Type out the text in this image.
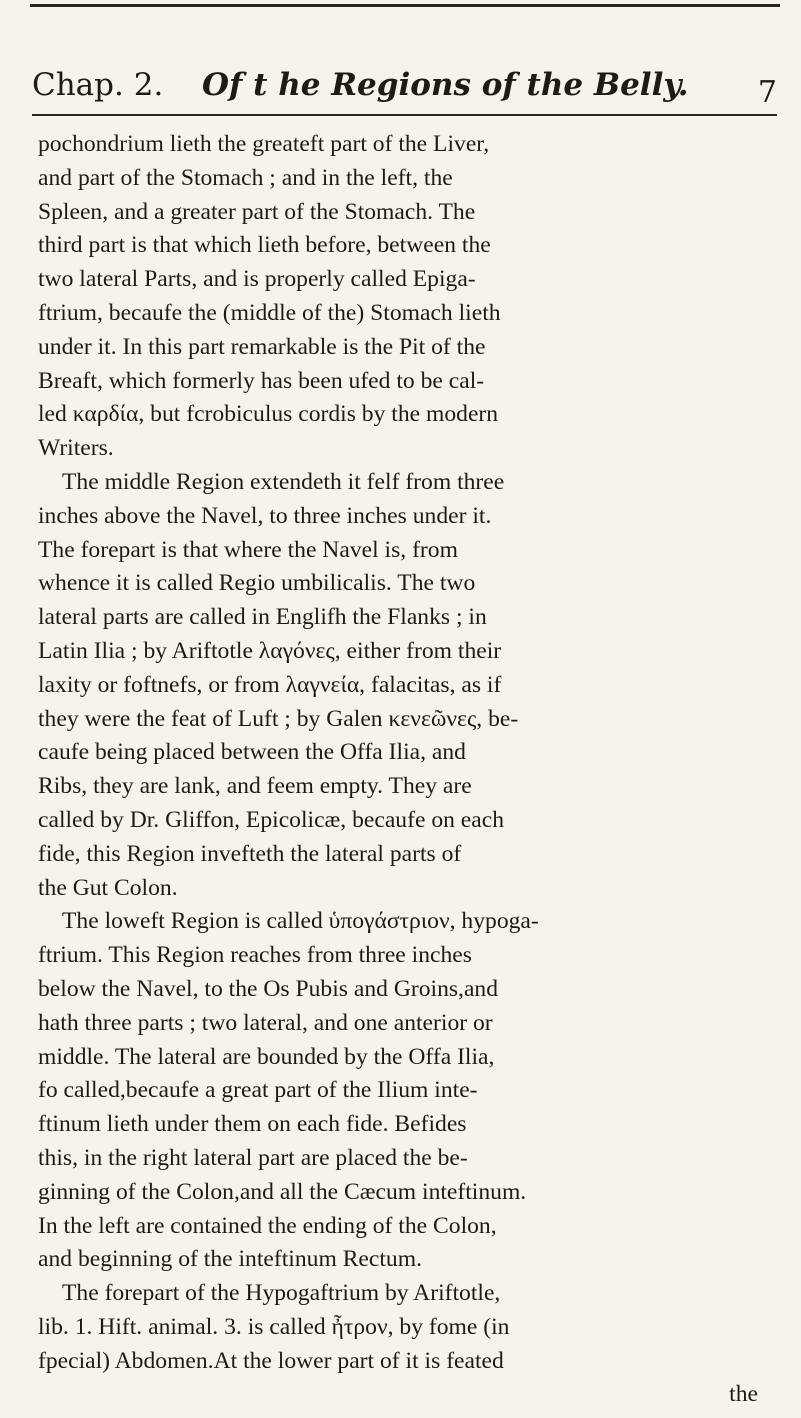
Chap. 2. Of t he Regions of the Belly. 7
pochondrium lieth the greateft part of the Liver,
and part of the Stomach ; and in the left, the
Spleen, and a greater part of the Stomach. The
third part is that which lieth before, between the
two lateral Parts, and is properly called Epiga-
ftrium, becaufe the (middle of the) Stomach lieth
under it. In this part remarkable is the Pit of the
Breaft, which formerly has been ufed to be cal-
led καρδία, but fcrobiculus cordis by the modern
Writers.
The middle Region extendeth it felf from three
inches above the Navel, to three inches under it.
The forepart is that where the Navel is, from
whence it is called Regio umbilicalis. The two
lateral parts are called in Englifh the Flanks ; in
Latin Ilia ; by Ariftotle λαγόνες, either from their
laxity or foftnefs, or from λαγνεία, falacitas, as if
they were the feat of Luft ; by Galen κενεῶνες, be-
caufe being placed between the Offa Ilia, and
Ribs, they are lank, and feem empty. They are
called by Dr. Gliffon, Epicolicæ, becaufe on each
fide, this Region invefteth the lateral parts of
the Gut Colon.
The loweft Region is called ὑπογάστριον, hypoga-
ftrium. This Region reaches from three inches
below the Navel, to the Os Pubis and Groins,and
hath three parts ; two lateral, and one anterior or
middle. The lateral are bounded by the Offa Ilia,
fo called,becaufe a great part of the Ilium inte-
ftinum lieth under them on each fide. Befides
this, in the right lateral part are placed the be-
ginning of the Colon,and all the Cæcum inteftinum.
In the left are contained the ending of the Colon,
and beginning of the inteftinum Rectum.
The forepart of the Hypogaftrium by Ariftotle,
lib. 1. Hift. animal. 3. is called ἦτρον, by fome (in
fpecial) Abdomen.At the lower part of it is feated
the
